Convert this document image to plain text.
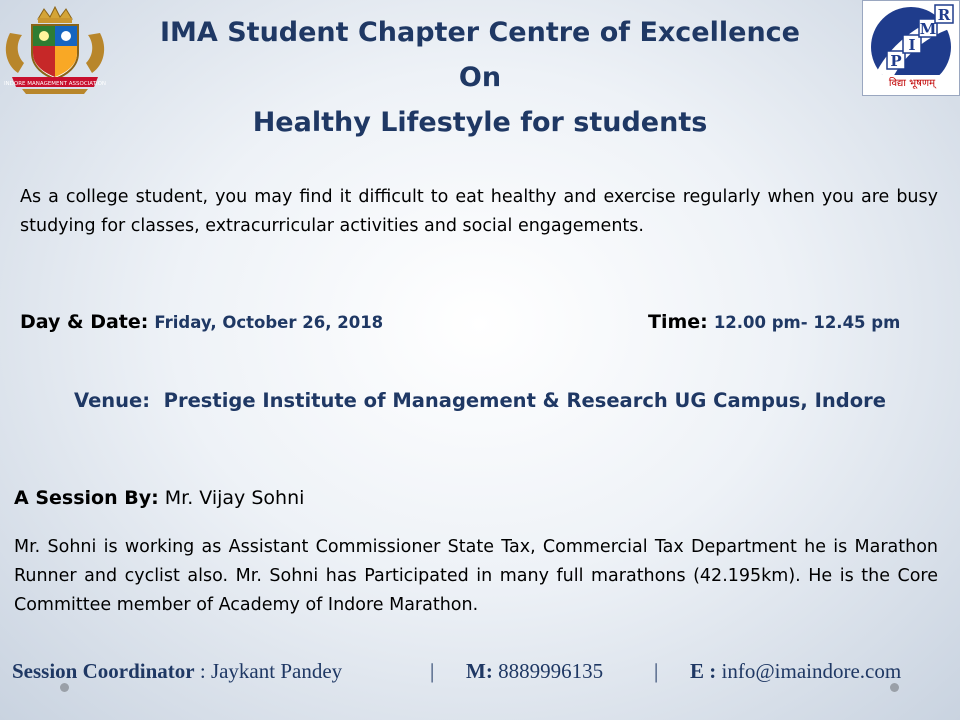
INDORE MANAGEMENT ASSOCIATION
P
I
M
R
विद्या भूषणम्
IMA Student Chapter Centre of Excellence
On
Healthy Lifestyle for students
As a college student, you may find it difficult to eat healthy and exercise regularly when you are busy studying for classes, extracurricular activities and social engagements.
Day & Date: Friday, October 26, 2018	Time: 12.00 pm- 12.45 pm
Venue: Prestige Institute of Management & Research UG Campus, Indore
A Session By: Mr. Vijay Sohni
Mr. Sohni is working as Assistant Commissioner State Tax, Commercial Tax Department he is Marathon Runner and cyclist also. Mr. Sohni has Participated in many full marathons (42.195km). He is the Core Committee member of Academy of Indore Marathon.
Session Coordinator : Jaykant Pandey	| M: 8889996135 | E : info@imaindore.com
